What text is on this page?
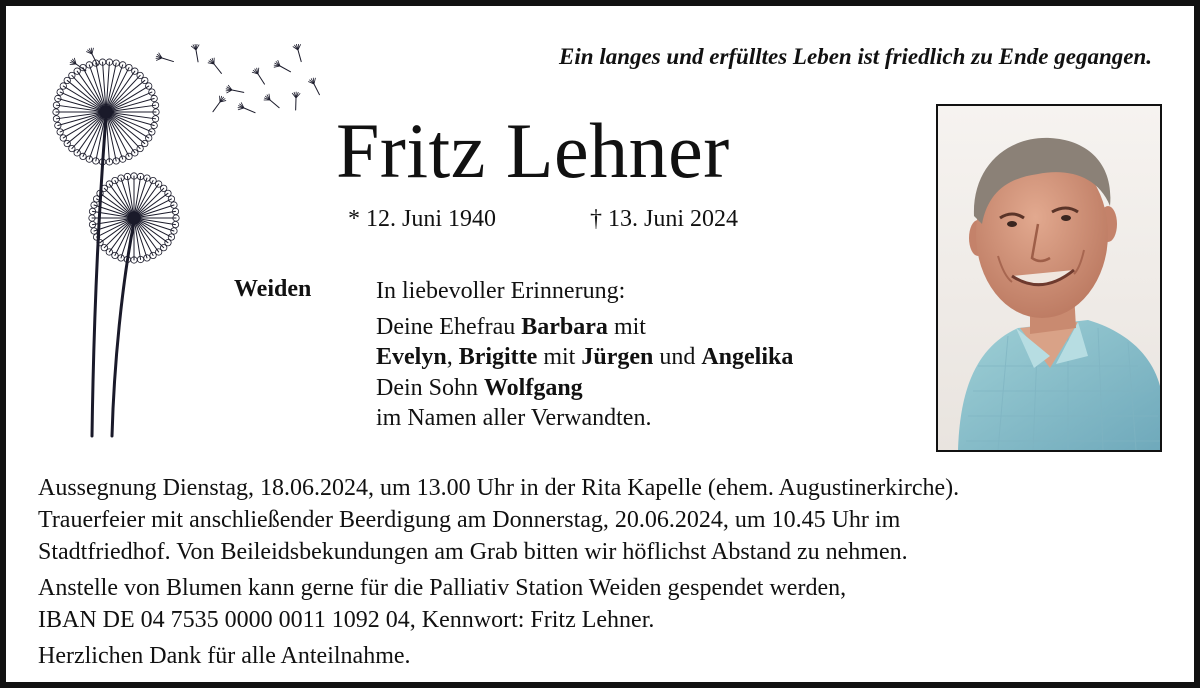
Ein langes und erfülltes Leben ist friedlich zu Ende gegangen.
Fritz Lehner
* 12. Juni 1940	† 13. Juni 2024
Weiden	In liebevoller Erinnerung:
Deine Ehefrau Barbara mit
Evelyn, Brigitte mit Jürgen und Angelika
Dein Sohn Wolfgang
im Namen aller Verwandten.
Aussegnung Dienstag, 18.06.2024, um 13.00 Uhr in der Rita Kapelle (ehem. Augustinerkirche).
Trauerfeier mit anschließender Beerdigung am Donnerstag, 20.06.2024, um 10.45 Uhr im
Stadtfriedhof. Von Beileidsbekundungen am Grab bitten wir höflichst Abstand zu nehmen.
Anstelle von Blumen kann gerne für die Palliativ Station Weiden gespendet werden,
IBAN DE 04 7535 0000 0011 1092 04, Kennwort: Fritz Lehner.
Herzlichen Dank für alle Anteilnahme.
